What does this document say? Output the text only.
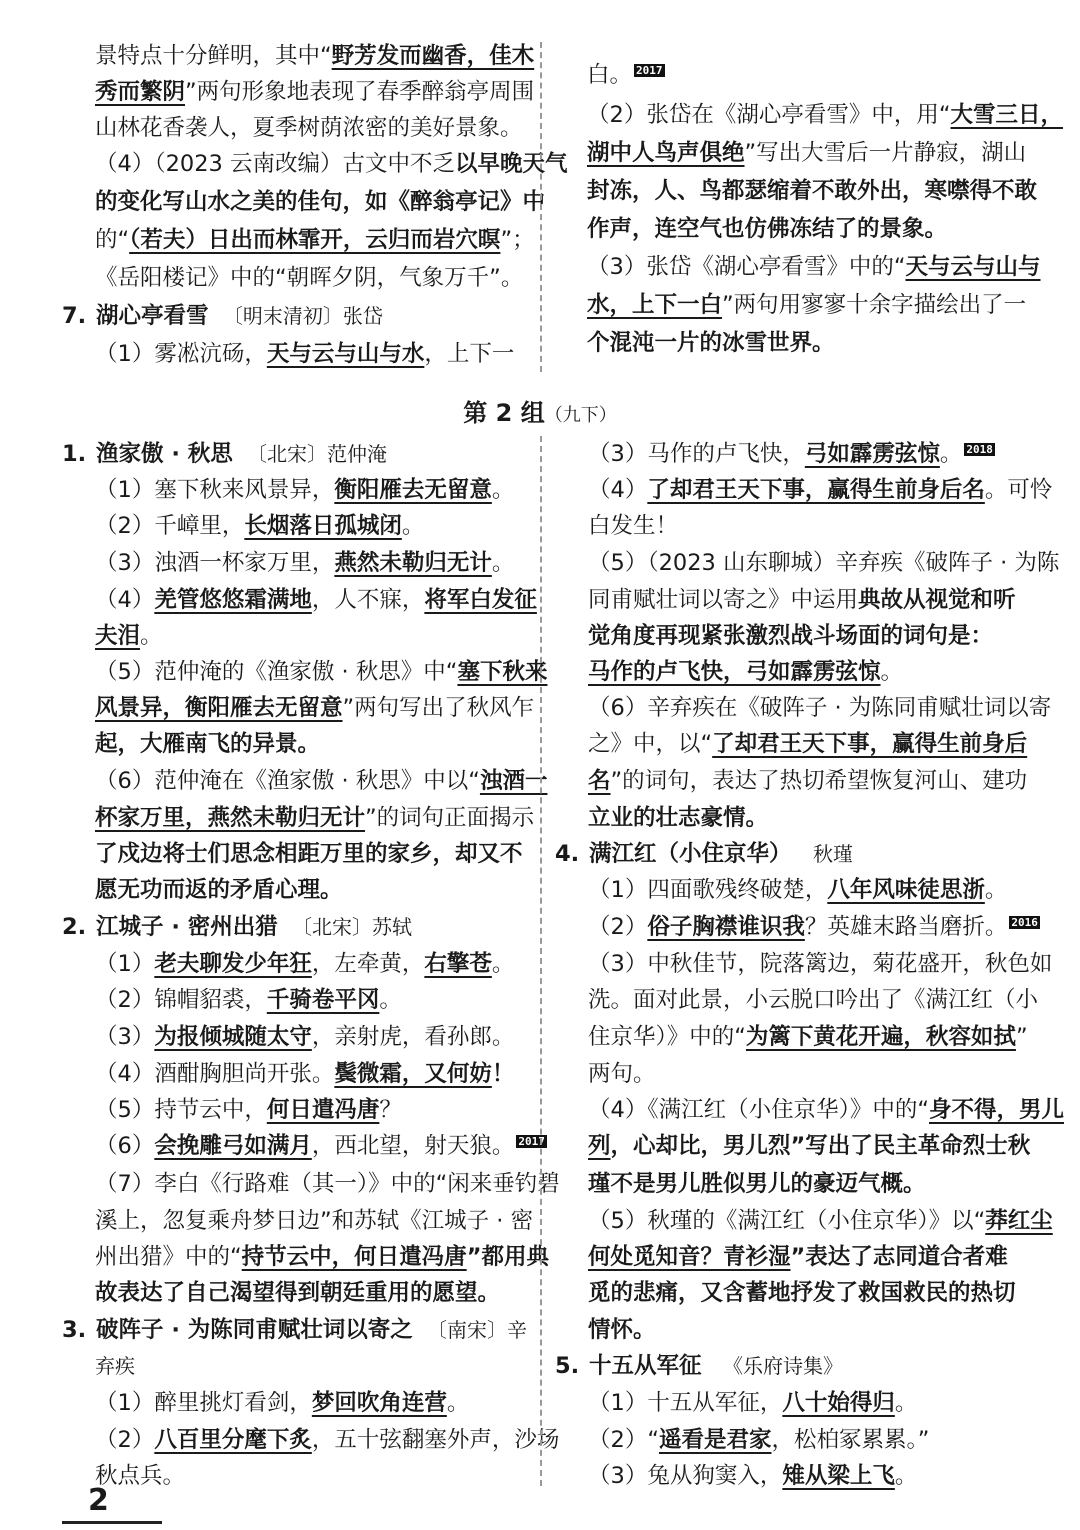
景特点十分鲜明，其中“野芳发而幽香，佳木
秀而繁阴”两句形象地表现了春季醉翁亭周围
山林花香袭人，夏季树荫浓密的美好景象。
（4）（2023 云南改编）古文中不乏以早晚天气
的变化写山水之美的佳句，如《醉翁亭记》中
的“（若夫）日出而林霏开，云归而岩穴暝”；
《岳阳楼记》中的“朝晖夕阴，气象万千”。
7. 湖心亭看雪 〔明末清初〕张岱
（1）雾凇沆砀，天与云与山与水，上下一
白。 2017
（2）张岱在《湖心亭看雪》中，用“大雪三日，
湖中人鸟声俱绝”写出大雪后一片静寂，湖山
封冻，人、鸟都瑟缩着不敢外出，寒噤得不敢
作声，连空气也仿佛冻结了的景象。
（3）张岱《湖心亭看雪》中的“天与云与山与
水，上下一白”两句用寥寥十余字描绘出了一
个混沌一片的冰雪世界。
第 2 组（九下）
1. 渔家傲 · 秋思 〔北宋〕范仲淹
（1）塞下秋来风景异，衡阳雁去无留意。
（2）千嶂里，长烟落日孤城闭。
（3）浊酒一杯家万里，燕然未勒归无计。
（4）羌管悠悠霜满地，人不寐，将军白发征
夫泪。
（5）范仲淹的《渔家傲 · 秋思》中“塞下秋来
风景异，衡阳雁去无留意”两句写出了秋风乍
起，大雁南飞的异景。
（6）范仲淹在《渔家傲 · 秋思》中以“浊酒一
杯家万里，燕然未勒归无计”的词句正面揭示
了戍边将士们思念相距万里的家乡，却又不
愿无功而返的矛盾心理。
2. 江城子 · 密州出猎 〔北宋〕苏轼
（1）老夫聊发少年狂，左牵黄，右擎苍。
（2）锦帽貂裘，千骑卷平冈。
（3）为报倾城随太守，亲射虎，看孙郎。
（4）酒酣胸胆尚开张。鬓微霜，又何妨！
（5）持节云中，何日遣冯唐？
（6）会挽雕弓如满月，西北望，射天狼。 2017
（7）李白《行路难（其一）》中的“闲来垂钓碧
溪上，忽复乘舟梦日边”和苏轼《江城子 · 密
州出猎》中的“持节云中，何日遣冯唐”都用典
故表达了自己渴望得到朝廷重用的愿望。
3. 破阵子 · 为陈同甫赋壮词以寄之 〔南宋〕辛
弃疾
（1）醉里挑灯看剑，梦回吹角连营。
（2）八百里分麾下炙，五十弦翻塞外声，沙场
秋点兵。
（3）马作的卢飞快，弓如霹雳弦惊。 2018
（4）了却君王天下事，赢得生前身后名。可怜
白发生！
（5）（2023 山东聊城）辛弃疾《破阵子 · 为陈
同甫赋壮词以寄之》中运用典故从视觉和听
觉角度再现紧张激烈战斗场面的词句是：
马作的卢飞快，弓如霹雳弦惊。
（6）辛弃疾在《破阵子 · 为陈同甫赋壮词以寄
之》中，以“了却君王天下事，赢得生前身后
名”的词句，表达了热切希望恢复河山、建功
立业的壮志豪情。
4. 满江红（小住京华） 秋瑾
（1）四面歌残终破楚，八年风味徒思浙。
（2）俗子胸襟谁识我？英雄末路当磨折。 2016
（3）中秋佳节，院落篱边，菊花盛开，秋色如
洗。面对此景，小云脱口吟出了《满江红（小
住京华）》中的“为篱下黄花开遍，秋容如拭”
两句。
（4）《满江红（小住京华）》中的“身不得，男儿
列，心却比，男儿烈”写出了民主革命烈士秋
瑾不是男儿胜似男儿的豪迈气概。
（5）秋瑾的《满江红（小住京华）》以“莽红尘
何处觅知音？青衫湿”表达了志同道合者难
觅的悲痛，又含蓄地抒发了救国救民的热切
情怀。
5. 十五从军征 《乐府诗集》
（1）十五从军征，八十始得归。
（2）“遥看是君家，松柏冢累累。”
（3）兔从狗窦入，雉从梁上飞。
2
